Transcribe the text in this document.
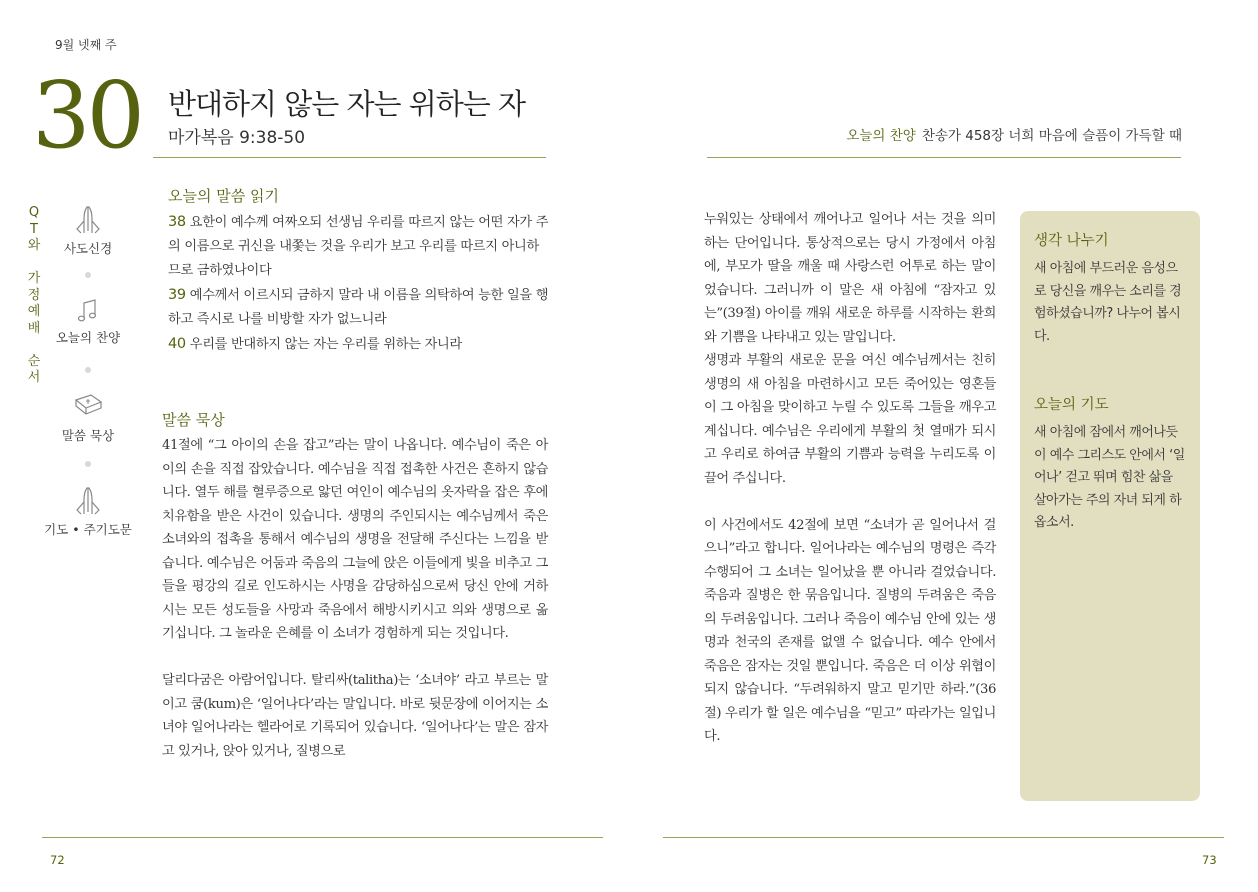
9월 넷째 주
30 반대하지 않는 자는 위하는 자
마가복음 9:38-50
Q
T
와
가
정
예
배
순
서
사도신경
오늘의 찬양
말씀 묵상
기도 • 주기도문
오늘의 말씀 읽기

38 요한이 예수께 여짜오되 선생님 우리를 따르지 않는 어떤 자가 주의 이름으로 귀신을 내쫓는 것을 우리가 보고 우리를 따르지 아니하므로 금하였나이다

39 예수께서 이르시되 금하지 말라 내 이름을 의탁하여 능한 일을 행하고 즉시로 나를 비방할 자가 없느니라

40 우리를 반대하지 않는 자는 우리를 위하는 자니라

말씀 묵상

41절에 “그 아이의 손을 잡고”라는 말이 나옵니다. 예수님이 죽은 아이의 손을 직접 잡았습니다. 예수님을 직접 접촉한 사건은 흔하지 않습니다. 열두 해를 혈루증으로 앓던 여인이 예수님의 옷자락을 잡은 후에 치유함을 받은 사건이 있습니다. 생명의 주인되시는 예수님께서 죽은 소녀와의 접촉을 통해서 예수님의 생명을 전달해 주신다는 느낌을 받습니다. 예수님은 어둠과 죽음의 그늘에 앉은 이들에게 빛을 비추고 그들을 평강의 길로 인도하시는 사명을 감당하심으로써 당신 안에 거하시는 모든 성도들을 사망과 죽음에서 해방시키시고 의와 생명으로 옮기십니다. 그 놀라운 은혜를 이 소녀가 경험하게 되는 것입니다.

달리다굼은 아람어입니다. 탈리싸(talitha)는 ‘소녀야’ 라고 부르는 말이고 쿰(kum)은 ‘일어나다’라는 말입니다. 바로 뒷문장에 이어지는 소녀야 일어나라는 헬라어로 기록되어 있습니다. ‘일어나다’는 말은 잠자고 있거나, 앉아 있거나, 질병으로

72
오늘의 찬양 찬송가 458장 너희 마음에 슬픔이 가득할 때

누워있는 상태에서 깨어나고 일어나 서는 것을 의미하는 단어입니다. 통상적으로는 당시 가정에서 아침에, 부모가 딸을 깨울 때 사랑스런 어투로 하는 말이었습니다. 그러니까 이 말은 새 아침에 “잠자고 있는”(39절) 아이를 깨워 새로운 하루를 시작하는 환희와 기쁨을 나타내고 있는 말입니다.

생명과 부활의 새로운 문을 여신 예수님께서는 친히 생명의 새 아침을 마련하시고 모든 죽어있는 영혼들이 그 아침을 맞이하고 누릴 수 있도록 그들을 깨우고 계십니다. 예수님은 우리에게 부활의 첫 열매가 되시고 우리로 하여금 부활의 기쁨과 능력을 누리도록 이끌어 주십니다.

이 사건에서도 42절에 보면 “소녀가 곧 일어나서 걸으니”라고 합니다. 일어나라는 예수님의 명령은 즉각 수행되어 그 소녀는 일어났을 뿐 아니라 걸었습니다. 죽음과 질병은 한 묶음입니다. 질병의 두려움은 죽음의 두려움입니다. 그러나 죽음이 예수님 안에 있는 생명과 천국의 존재를 없앨 수 없습니다. 예수 안에서 죽음은 잠자는 것일 뿐입니다. 죽음은 더 이상 위협이 되지 않습니다. “두려워하지 말고 믿기만 하라.”(36절) 우리가 할 일은 예수님을 “믿고” 따라가는 일입니다.

생각 나누기

새 아침에 부드러운 음성으로 당신을 깨우는 소리를 경험하셨습니까? 나누어 봅시다.

오늘의 기도

새 아침에 잠에서 깨어나듯이 예수 그리스도 안에서 ‘일어나’ 걷고 뛰며 힘찬 삶을 살아가는 주의 자녀 되게 하옵소서.

73
